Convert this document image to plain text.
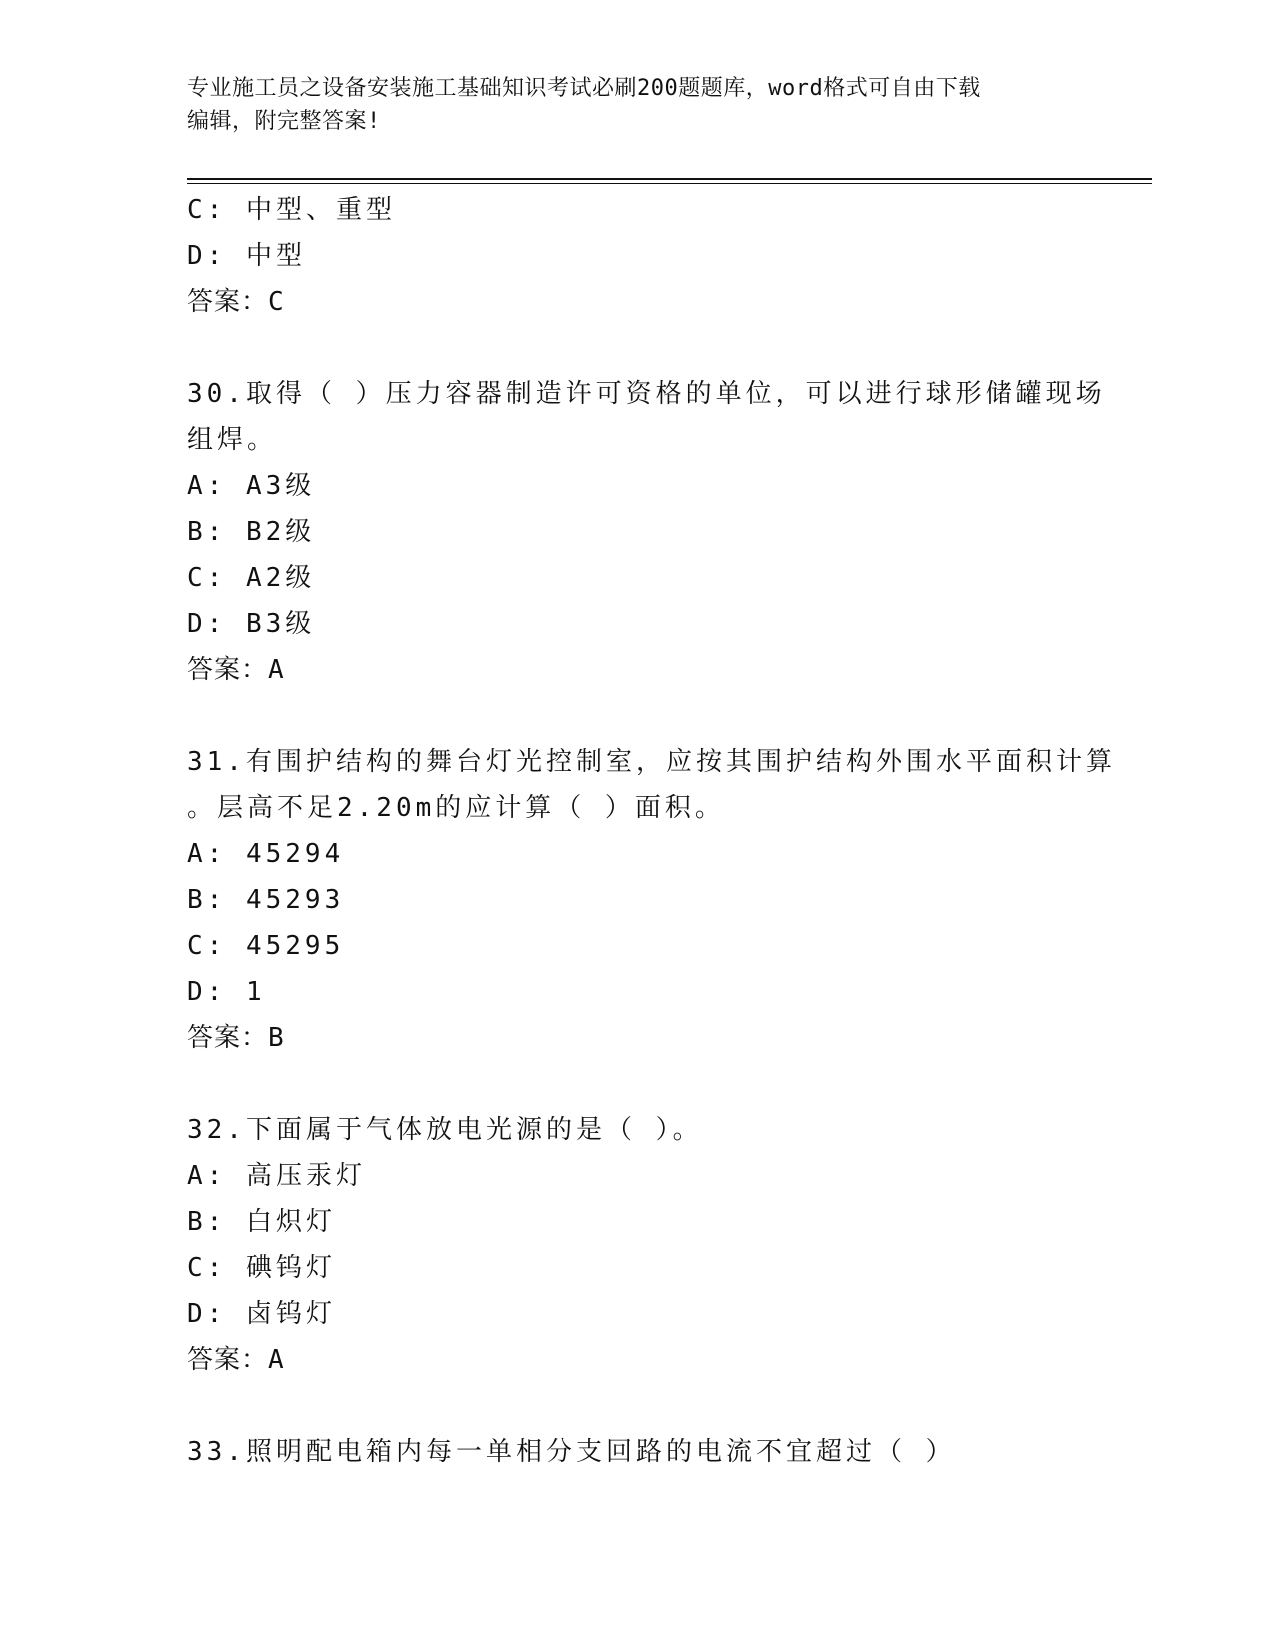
专业施工员之设备安装施工基础知识考试必刷200题题库，word格式可自由下载
编辑，附完整答案!
C: 中型、重型
D: 中型
答案：C
30.取得（ ）压力容器制造许可资格的单位，可以进行球形储罐现场
组焊。
A: A3级
B: B2级
C: A2级
D: B3级
答案：A
31.有围护结构的舞台灯光控制室，应按其围护结构外围水平面积计算
。层高不足2.20m的应计算（ ）面积。
A: 45294
B: 45293
C: 45295
D: 1
答案：B
32.下面属于气体放电光源的是（ ）。
A: 高压汞灯
B: 白炽灯
C: 碘钨灯
D: 卤钨灯
答案：A
33.照明配电箱内每一单相分支回路的电流不宜超过（ ）
